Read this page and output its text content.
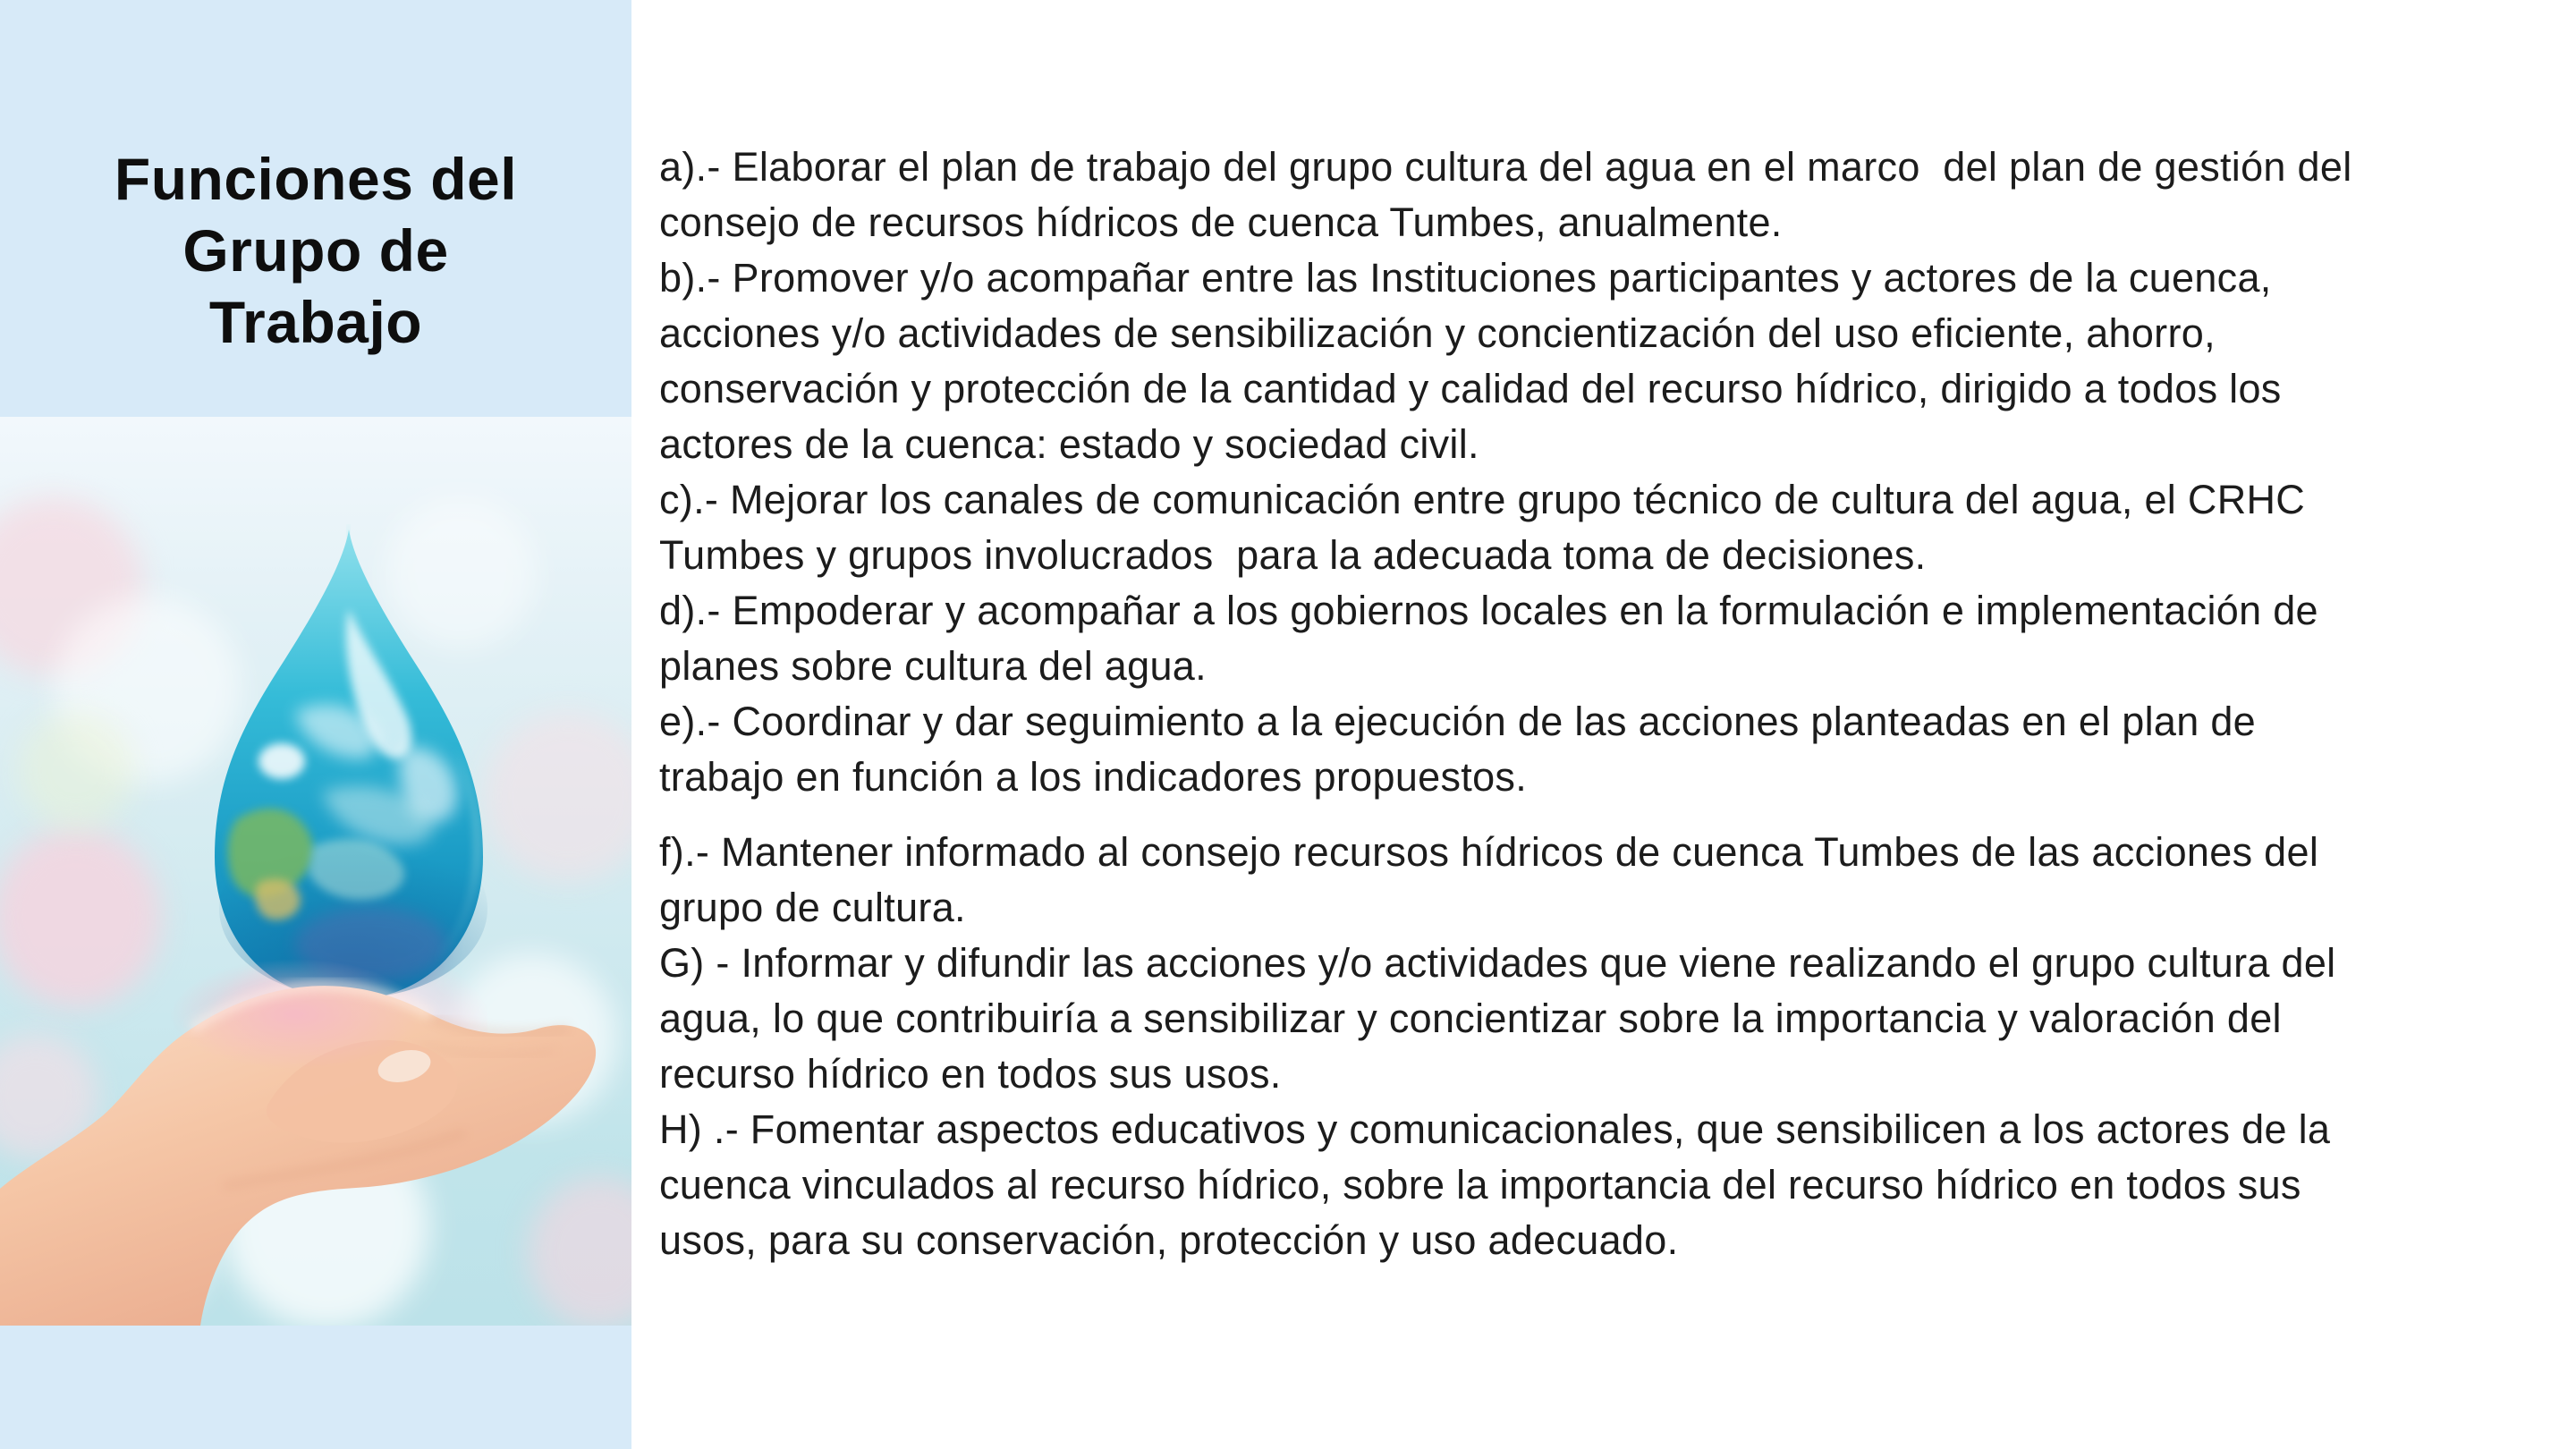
Funciones del
Grupo de
Trabajo
a).- Elaborar el plan de trabajo del grupo cultura del agua en el marco  del plan de gestión del
consejo de recursos hídricos de cuenca Tumbes, anualmente.
b).- Promover y/o acompañar entre las Instituciones participantes y actores de la cuenca,
acciones y/o actividades de sensibilización y concientización del uso eficiente, ahorro,
conservación y protección de la cantidad y calidad del recurso hídrico, dirigido a todos los
actores de la cuenca: estado y sociedad civil.
c).- Mejorar los canales de comunicación entre grupo técnico de cultura del agua, el CRHC
Tumbes y grupos involucrados  para la adecuada toma de decisiones.
d).- Empoderar y acompañar a los gobiernos locales en la formulación e implementación de
planes sobre cultura del agua.
e).- Coordinar y dar seguimiento a la ejecución de las acciones planteadas en el plan de
trabajo en función a los indicadores propuestos.
f).- Mantener informado al consejo recursos hídricos de cuenca Tumbes de las acciones del
grupo de cultura.
G) - Informar y difundir las acciones y/o actividades que viene realizando el grupo cultura del
agua, lo que contribuiría a sensibilizar y concientizar sobre la importancia y valoración del
recurso hídrico en todos sus usos.
H) .- Fomentar aspectos educativos y comunicacionales, que sensibilicen a los actores de la
cuenca vinculados al recurso hídrico, sobre la importancia del recurso hídrico en todos sus
usos, para su conservación, protección y uso adecuado.
